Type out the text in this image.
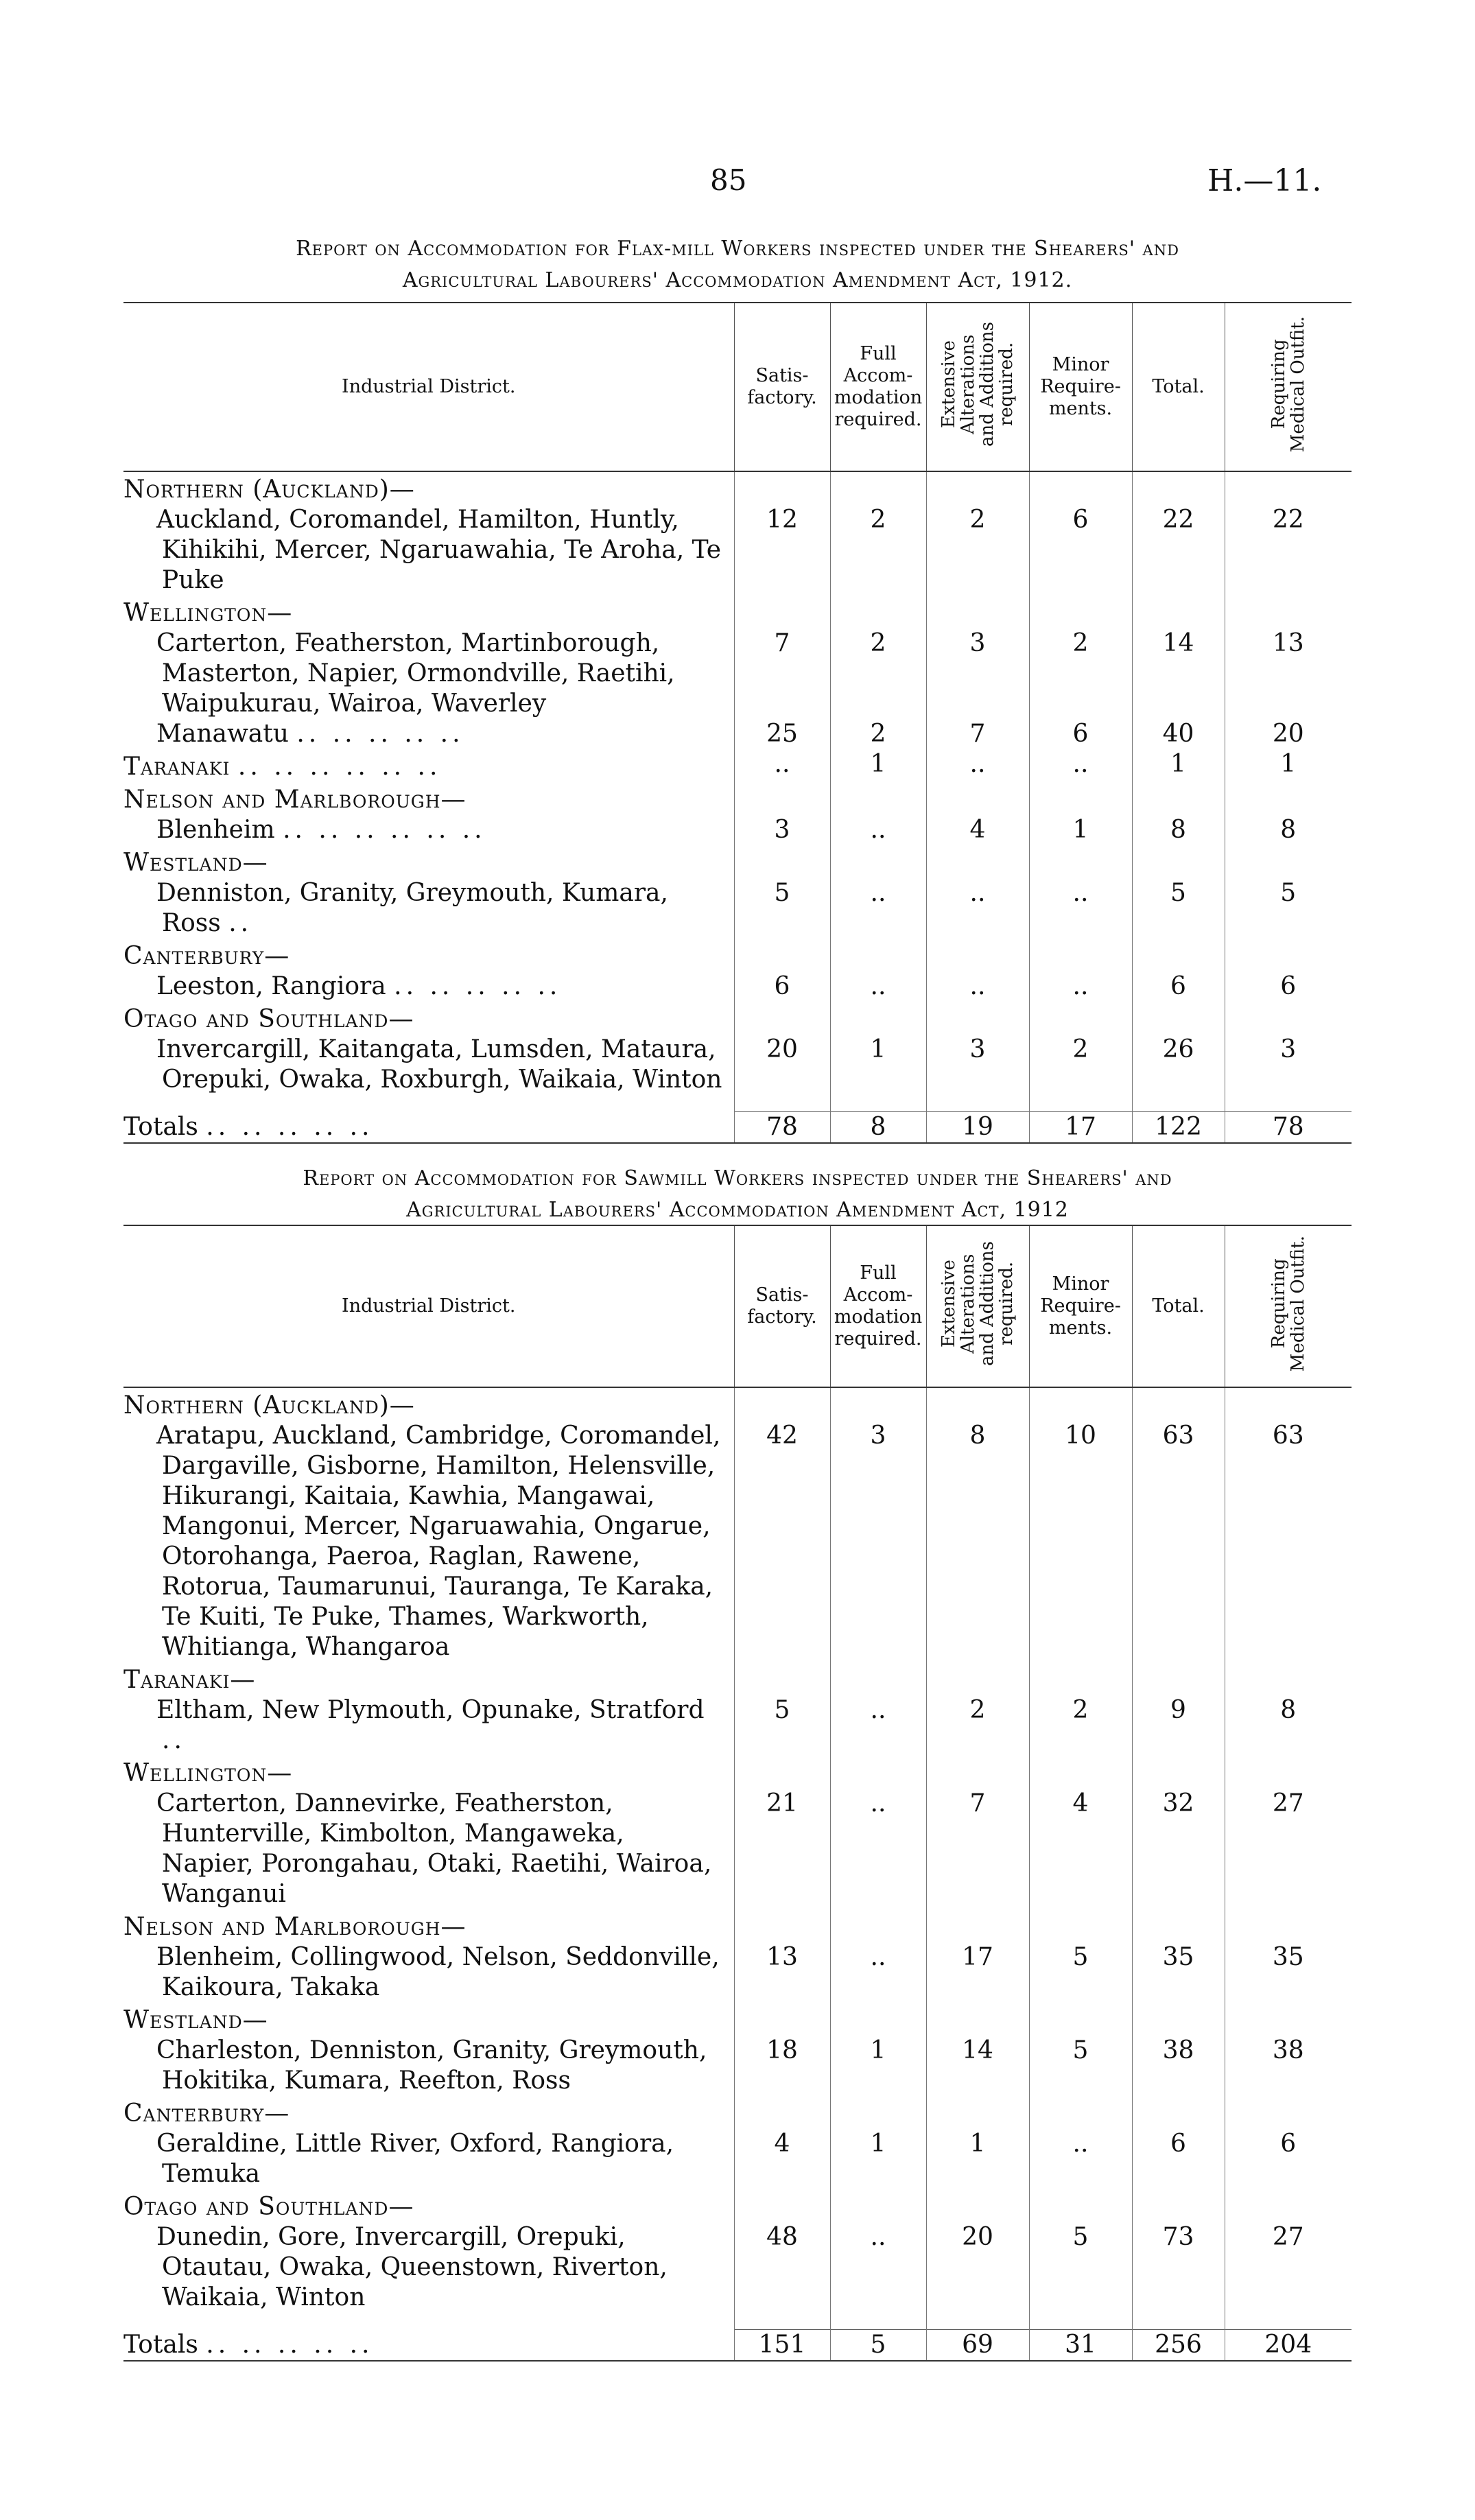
85	H.—11.
Report on Accommodation for Flax-mill Workers inspected under the Shearers' and
Agricultural Labourers' Accommodation Amendment Act, 1912.
Industrial District.	Satis-
factory.	Full
Accom-
modation
required.	Extensive
Alterations
and Additions
required.	Minor
Require-
ments.	Total.	Requiring
Medical Outfit.
Northern (Auckland)—						
Auckland, Coromandel, Hamilton, Huntly, Kihikihi, Mercer, Ngaruawahia, Te Aroha, Te Puke	12	2	2	6	22	22
Wellington—						
Carterton, Featherston, Martinborough, Masterton, Napier, Ormondville, Raetihi, Waipukurau, Wairoa, Waverley	7	2	3	2	14	13
Manawatu .. .. .. .. ..	25	2	7	6	40	20
Taranaki .. .. .. .. .. ..	..	1	..	..	1	1
Nelson and Marlborough—						
Blenheim .. .. .. .. .. ..	3	..	4	1	8	8
Westland—						
Denniston, Granity, Greymouth, Kumara, Ross ..	5	..	..	..	5	5
Canterbury—						
Leeston, Rangiora .. .. .. .. ..	6	..	..	..	6	6
Otago and Southland—						
Invercargill, Kaitangata, Lumsden, Mataura, Orepuki, Owaka, Roxburgh, Waikaia, Winton	20	1	3	2	26	3

Totals .. .. .. .. ..	78	8	19	17	122	78
Report on Accommodation for Sawmill Workers inspected under the Shearers' and
Agricultural Labourers' Accommodation Amendment Act, 1912
Industrial District.	Satis-
factory.	Full
Accom-
modation
required.	Extensive
Alterations
and Additions
required.	Minor
Require-
ments.	Total.	Requiring
Medical Outfit.
Northern (Auckland)—						
Aratapu, Auckland, Cambridge, Coromandel, Dargaville, Gisborne, Hamilton, Helensville, Hikurangi, Kaitaia, Kawhia, Mangawai, Mangonui, Mercer, Ngaruawahia, Ongarue, Otorohanga, Paeroa, Raglan, Rawene, Rotorua, Taumarunui, Tauranga, Te Karaka, Te Kuiti, Te Puke, Thames, Warkworth, Whitianga, Whangaroa	42	3	8	10	63	63
Taranaki—						
Eltham, New Plymouth, Opunake, Stratford ..	5	..	2	2	9	8
Wellington—						
Carterton, Dannevirke, Featherston, Hunterville, Kimbolton, Mangaweka, Napier, Porongahau, Otaki, Raetihi, Wairoa, Wanganui	21	..	7	4	32	27
Nelson and Marlborough—						
Blenheim, Collingwood, Nelson, Seddonville, Kaikoura, Takaka	13	..	17	5	35	35
Westland—						
Charleston, Denniston, Granity, Greymouth, Hokitika, Kumara, Reefton, Ross	18	1	14	5	38	38
Canterbury—						
Geraldine, Little River, Oxford, Rangiora, Temuka	4	1	1	..	6	6
Otago and Southland—						
Dunedin, Gore, Invercargill, Orepuki, Otautau, Owaka, Queenstown, Riverton, Waikaia, Winton	48	..	20	5	73	27

Totals .. .. .. .. ..	151	5	69	31	256	204
